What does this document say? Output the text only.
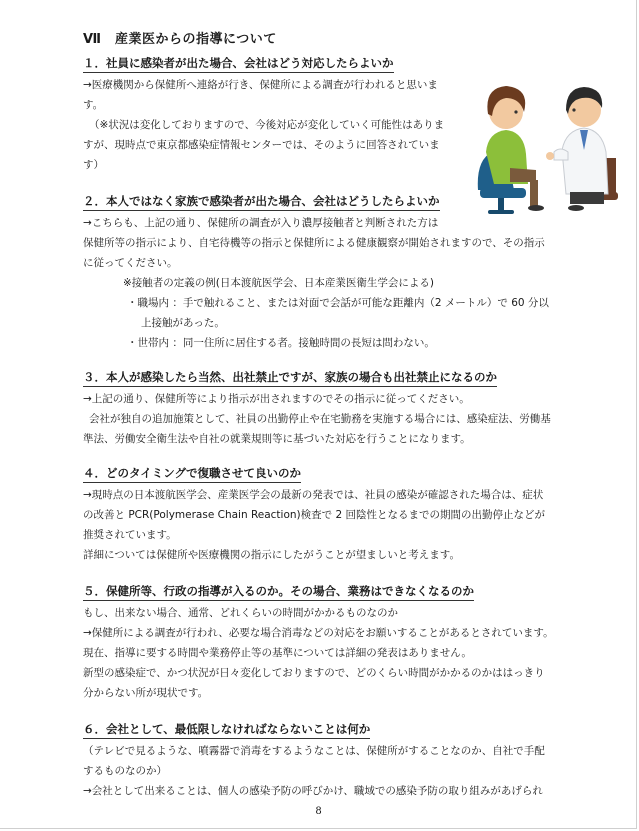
Ⅶ　産業医からの指導について
１．社員に感染者が出た場合、会社はどう対応したらよいか
→医療機関から保健所へ連絡が行き、保健所による調査が行われると思いま
す。
（※状況は変化しておりますので、今後対応が変化していく可能性はありま
すが、現時点で東京都感染症情報センターでは、そのように回答されていま
す）
２．本人ではなく家族で感染者が出た場合、会社はどうしたらよいか
→こちらも、上記の通り、保健所の調査が入り濃厚接触者と判断された方は
保健所等の指示により、自宅待機等の指示と保健所による健康観察が開始されますので、その指示
に従ってください。
※接触者の定義の例(日本渡航医学会、日本産業医衛生学会による)
・職場内 ：手で触れること、または対面で会話が可能な距離内（2 メートル）で 60 分以
上接触があった。
・世帯内 ：同一住所に居住する者。接触時間の長短は問わない。
３．本人が感染したら当然、出社禁止ですが、家族の場合も出社禁止になるのか
→上記の通り、保健所等により指示が出されますのでその指示に従ってください。
会社が独自の追加施策として、社員の出勤停止や在宅勤務を実施する場合には、感染症法、労働基
準法、労働安全衛生法や自社の就業規則等に基づいた対応を行うことになります。
４．どのタイミングで復職させて良いのか
→現時点の日本渡航医学会、産業医学会の最新の発表では、社員の感染が確認された場合は、症状
の改善と PCR(Polymerase Chain Reaction)検査で 2 回陰性となるまでの期間の出勤停止などが
推奨されています。
詳細については保健所や医療機関の指示にしたがうことが望ましいと考えます。
５．保健所等、行政の指導が入るのか。その場合、業務はできなくなるのか
もし、出来ない場合、通常、どれくらいの時間がかかるものなのか
→保健所による調査が行われ、必要な場合消毒などの対応をお願いすることがあるとされています。
現在、指導に要する時間や業務停止等の基準については詳細の発表はありません。
新型の感染症で、かつ状況が日々変化しておりますので、どのくらい時間がかかるのかははっきり
分からない所が現状です。
６．会社として、最低限しなければならないことは何か
（テレビで見るような、噴霧器で消毒をするようなことは、保健所がすることなのか、自社で手配
するものなのか）
→会社として出来ることは、個人の感染予防の呼びかけ、職域での感染予防の取り組みがあげられ
8
